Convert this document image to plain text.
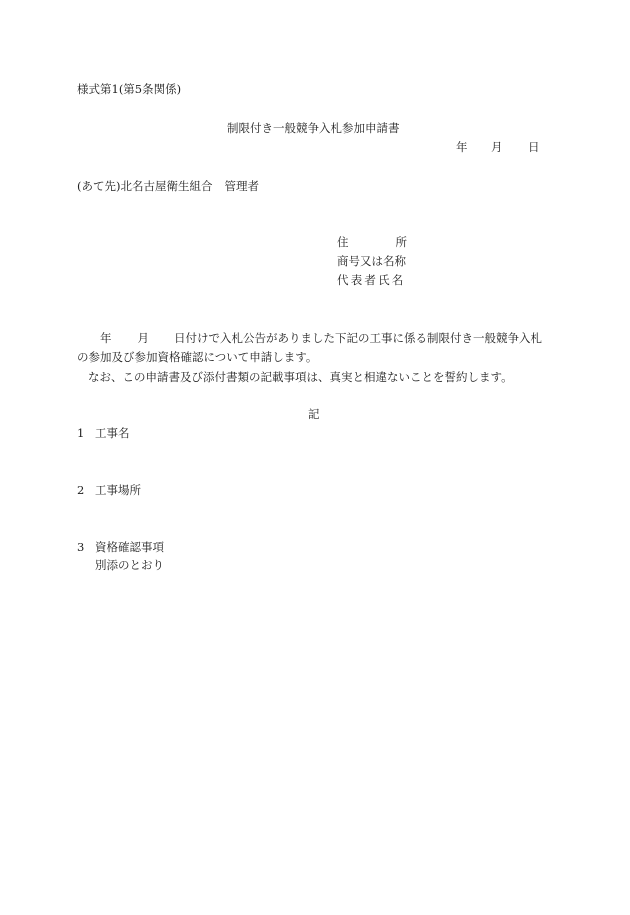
様式第1(第5条関係)
制限付き一般競争入札参加申請書
年 月 日
(あて先)北名古屋衛生組合 管理者
住	所
商号又は名称
代表者氏名
年 月 日付けで入札公告がありました下記の工事に係る制限付き一般競争入札
の参加及び参加資格確認について申請します。
なお、この申請書及び添付書類の記載事項は、真実と相違ないことを誓約します。
記
1 工事名
2 工事場所
3 資格確認事項
別添のとおり
